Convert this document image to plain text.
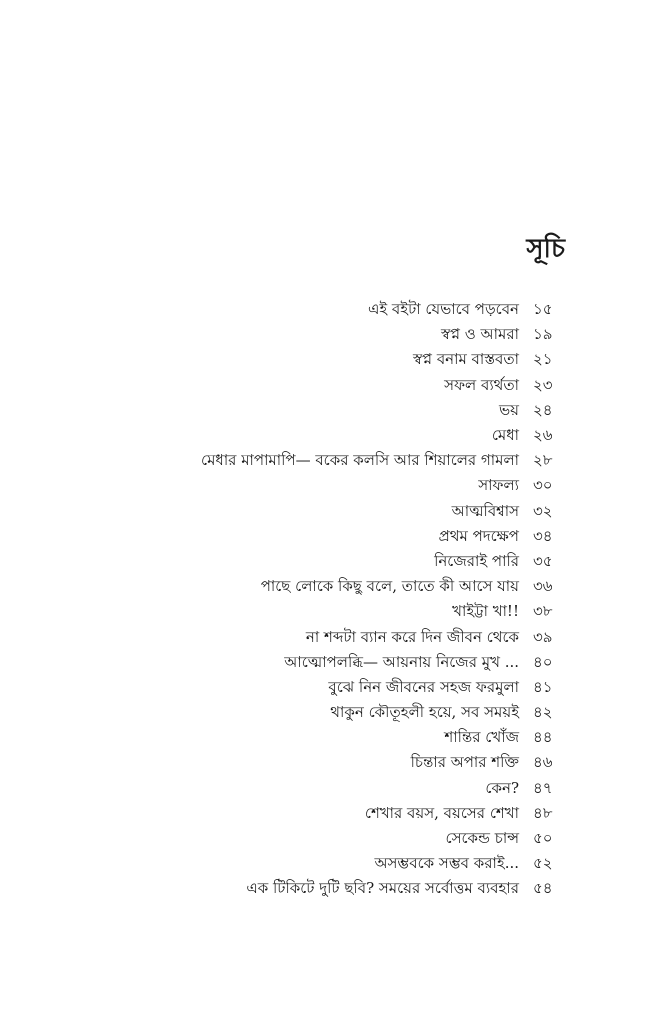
সূচি
এই বইটা যেভাবে পড়বেন ১৫
স্বপ্ন ও আমরা ১৯
স্বপ্ন বনাম বাস্তবতা ২১
সফল ব্যর্থতা ২৩
ভয় ২৪
মেধা ২৬
মেধার মাপামাপি— বকের কলসি আর শিয়ালের গামলা ২৮
সাফল্য ৩০
আত্মবিশ্বাস ৩২
প্রথম পদক্ষেপ ৩৪
নিজেরাই পারি ৩৫
পাছে লোকে কিছু বলে, তাতে কী আসে যায় ৩৬
খাইট্টা খা!! ৩৮
না শব্দটা ব্যান করে দিন জীবন থেকে ৩৯
আত্মোপলব্ধি— আয়নায় নিজের মুখ ... ৪০
বুঝে নিন জীবনের সহজ ফরমুলা ৪১
থাকুন কৌতূহলী হয়ে, সব সময়ই ৪২
শান্তির খোঁজ ৪৪
চিন্তার অপার শক্তি ৪৬
কেন? ৪৭
শেখার বয়স, বয়সের শেখা ৪৮
সেকেন্ড চান্স ৫০
অসম্ভবকে সম্ভব করাই... ৫২
এক টিকিটে দুটি ছবি? সময়ের সর্বোত্তম ব্যবহার ৫৪
